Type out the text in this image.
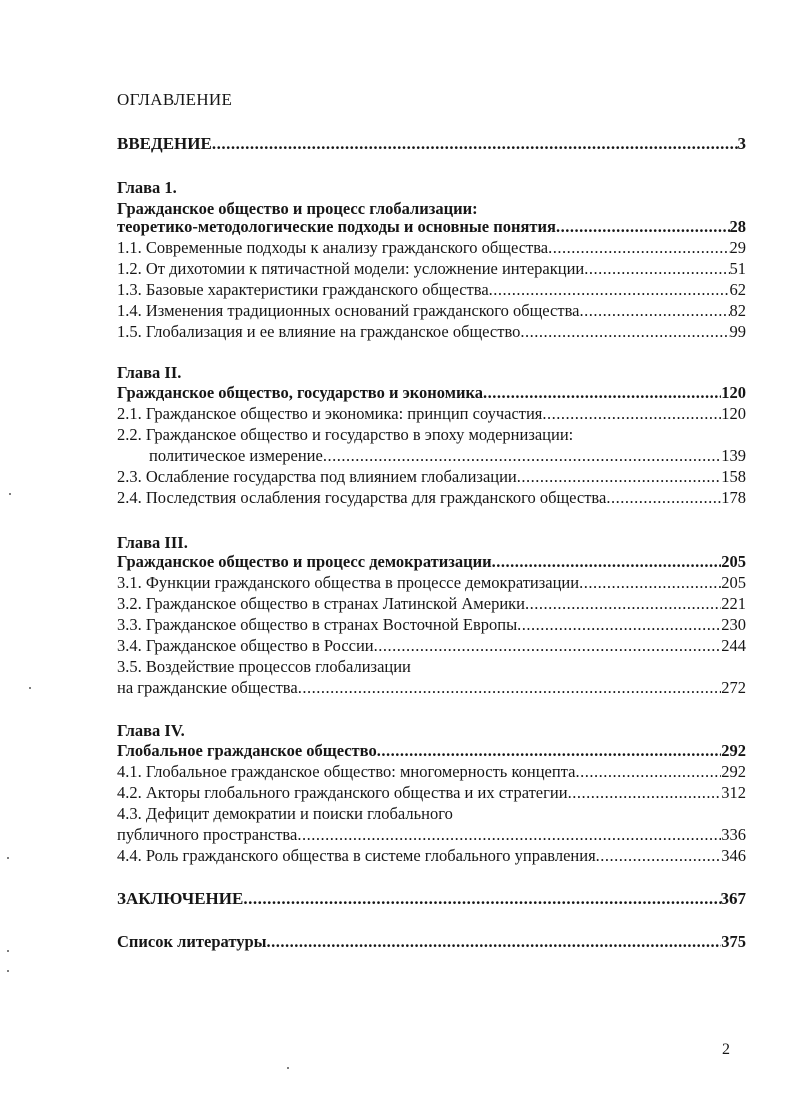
ОГЛАВЛЕНИЕ
ВВЕДЕНИЕ .....	3
Глава 1.
Гражданское общество и процесс глобализации:
теоретико-методологические подходы и основные понятия .....	28
1.1. Современные подходы к анализу гражданского общества .....	29
1.2. От дихотомии к пятичастной модели: усложнение интеракции .....	51
1.3. Базовые характеристики гражданского общества .....	62
1.4. Изменения традиционных оснований гражданского общества .....	82
1.5. Глобализация и ее влияние на гражданское общество .....	99
Глава II.
Гражданское общество, государство и экономика .....	120
2.1. Гражданское общество и экономика: принцип соучастия .....	120
2.2. Гражданское общество и государство в эпоху модернизации:
политическое измерение .....	139
2.3. Ослабление государства под влиянием глобализации .....	158
2.4. Последствия ослабления государства для гражданского общества .....	178
Глава III.
Гражданское общество и процесс демократизации .....	205
3.1. Функции гражданского общества в процессе демократизации .....	205
3.2. Гражданское общество в странах Латинской Америки .....	221
3.3. Гражданское общество в странах Восточной Европы .....	230
3.4. Гражданское общество в России .....	244
3.5. Воздействие процессов глобализации
на гражданские общества .....	272
Глава IV.
Глобальное гражданское общество .....	292
4.1. Глобальное гражданское общество: многомерность концепта .....	292
4.2. Акторы глобального гражданского общества и их стратегии .....	312
4.3. Дефицит демократии и поиски глобального
публичного пространства .....	336
4.4. Роль гражданского общества в системе глобального управления .....	346
ЗАКЛЮЧЕНИЕ .....	367
Список литературы .....	375
2
